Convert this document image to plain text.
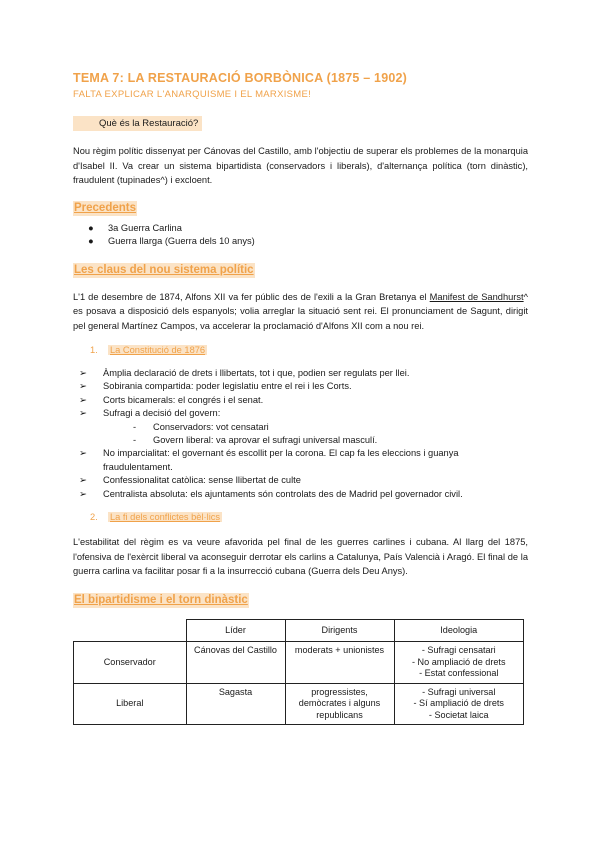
TEMA 7: LA RESTAURACIÓ BORBÒNICA (1875 – 1902)
FALTA EXPLICAR L'ANARQUISME I EL MARXISME!
Què és la Restauració?

Nou règim polític dissenyat per Cánovas del Castillo, amb l'objectiu de superar els problemes de la monarquia d'Isabel II. Va crear un sistema bipartidista (conservadors i liberals), d'alternança política (torn dinàstic), fraudulent (tupinades^) i excloent.

Precedents
● 3a Guerra Carlina
● Guerra llarga (Guerra dels 10 anys)
Les claus del nou sistema polític

L'1 de desembre de 1874, Alfons XII va fer públic des de l'exili a la Gran Bretanya el Manifest de Sandhurst^ es posava a disposició dels espanyols; volia arreglar la situació sent rei. El pronunciament de Sagunt, dirigit pel general Martínez Campos, va accelerar la proclamació d'Alfons XII com a nou rei.

1. La Constitució de 1876
➢ Àmplia declaració de drets i llibertats, tot i que, podien ser regulats per llei.
➢ Sobirania compartida: poder legislatiu entre el rei i les Corts.
➢ Corts bicamerals: el congrés i el senat.
➢ Sufragi a decisió del govern:
- Conservadors: vot censatari
- Govern liberal: va aprovar el sufragi universal masculí.
➢ No imparcialitat: el governant és escollit per la corona. El cap fa les eleccions i guanya fraudulentament.
➢ Confessionalitat catòlica: sense llibertat de culte
➢ Centralista absoluta: els ajuntaments són controlats des de Madrid pel governador civil.
2. La fi dels conflictes bèl·lics

L'estabilitat del règim es va veure afavorida pel final de les guerres carlines i cubana. Al llarg del 1875, l'ofensiva de l'exèrcit liberal va aconseguir derrotar els carlins a Catalunya, País Valencià i Aragó. El final de la guerra carlina va facilitar posar fi a la insurrecció cubana (Guerra dels Deu Anys).

El bipartidisme i el torn dinàstic
	Líder	Dirigents	Ideologia
Conservador	Cánovas del Castillo	moderats + unionistes	- Sufragi censatari
- No ampliació de drets
- Estat confessional

Liberal	Sagasta	progressistes, demòcrates i alguns republicans	- Sufragi universal
- Sí ampliació de drets
- Societat laica
